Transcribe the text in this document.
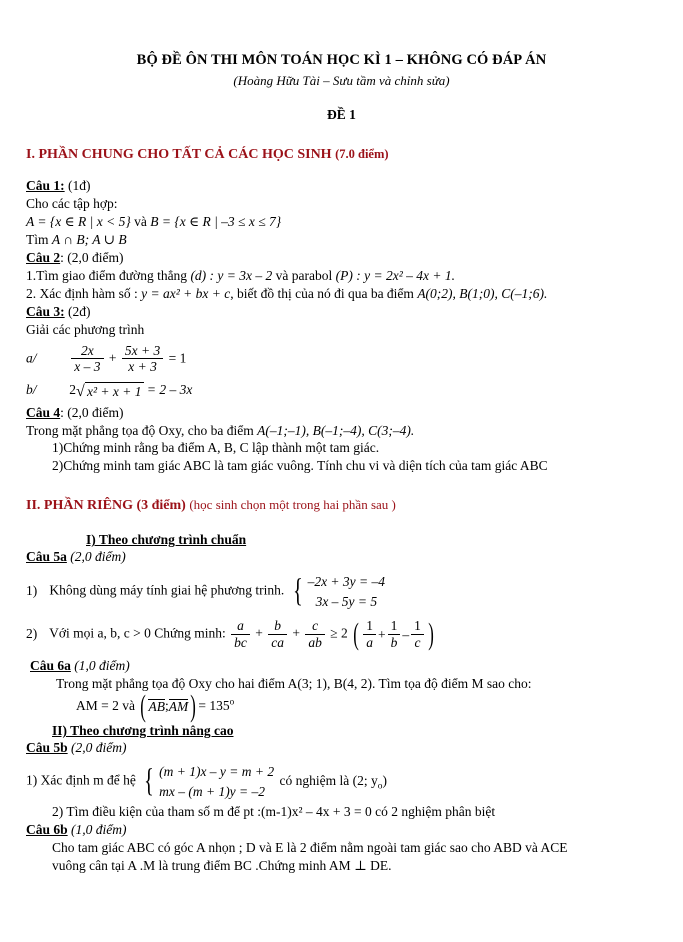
BỘ ĐỀ ÔN THI MÔN TOÁN HỌC KÌ 1 – KHÔNG CÓ ĐÁP ÁN
(Hoàng Hữu Tài – Sưu tầm và chỉnh sửa)
ĐỀ 1
I. PHẦN CHUNG CHO TẤT CẢ CÁC HỌC SINH (7.0 điểm)
Câu 1: (1đ)
Cho các tập hợp:
A = {x ∈ R | x < 5} và B = {x ∈ R | –3 ≤ x ≤ 7}
Tìm A ∩ B; A ∪ B
Câu 2: (2,0 điểm)
1.Tìm giao điểm đường thẳng (d) : y = 3x – 2 và parabol (P) : y = 2x² – 4x + 1.
2. Xác định hàm số : y = ax² + bx + c, biết đồ thị của nó đi qua ba điểm A(0;2), B(1;0), C(–1;6).
Câu 3: (2đ)
Giải các phương trình
a/	$\frac{2x}{x - 3} + \frac{5x + 3}{x + 3} = 1$
b/ 2 √ x² + x + 1 = 2 – 3x
Câu 4: (2,0 điểm)
Trong mặt phẳng tọa độ Oxy, cho ba điểm A(–1;–1), B(–1;–4), C(3;–4).
1)Chứng minh rằng ba điểm A, B, C lập thành một tam giác.
2)Chứng minh tam giác ABC là tam giác vuông. Tính chu vi và diện tích của tam giác ABC
II. PHẦN RIÊNG (3 điểm) (học sinh chọn một trong hai phần sau )
I) Theo chương trình chuẩn
Câu 5a (2,0 điểm)
1) Không dùng máy tính giai hệ phương trinh. { –2x + 3y = –4
3x – 5y = 5
2) Với mọi a, b, c > 0 Chứng minh: $\frac{a}{bc} + \frac{b}{ca} + \frac{c}{ab} \ge 2$ ( $\frac{1}{a} + \frac{1}{b} - \frac{1}{c}$ )
Câu 6a (1,0 điểm)
Trong mặt phẳng tọa độ Oxy cho hai điểm A(3; 1), B(4, 2). Tìm tọa độ điểm M sao cho:
AM = 2 và ( AB ; AM ) = $135^o$
II) Theo chương trình nâng cao
Câu 5b (2,0 điểm)
1) Xác định m để hệ { (m + 1)x – y = m + 2
mx – (m + 1)y = –2
có nghiệm là (2; $y_o$)
2) Tìm điều kiện của tham số m để pt :(m-1)x² – 4x + 3 = 0 có 2 nghiệm phân biệt
Câu 6b (1,0 điểm)
Cho tam giác ABC có góc A nhọn ; D và E là 2 điểm nằm ngoài tam giác sao cho ABD và ACE
vuông cân tại A .M là trung điểm BC .Chứng minh AM ⊥ DE.
